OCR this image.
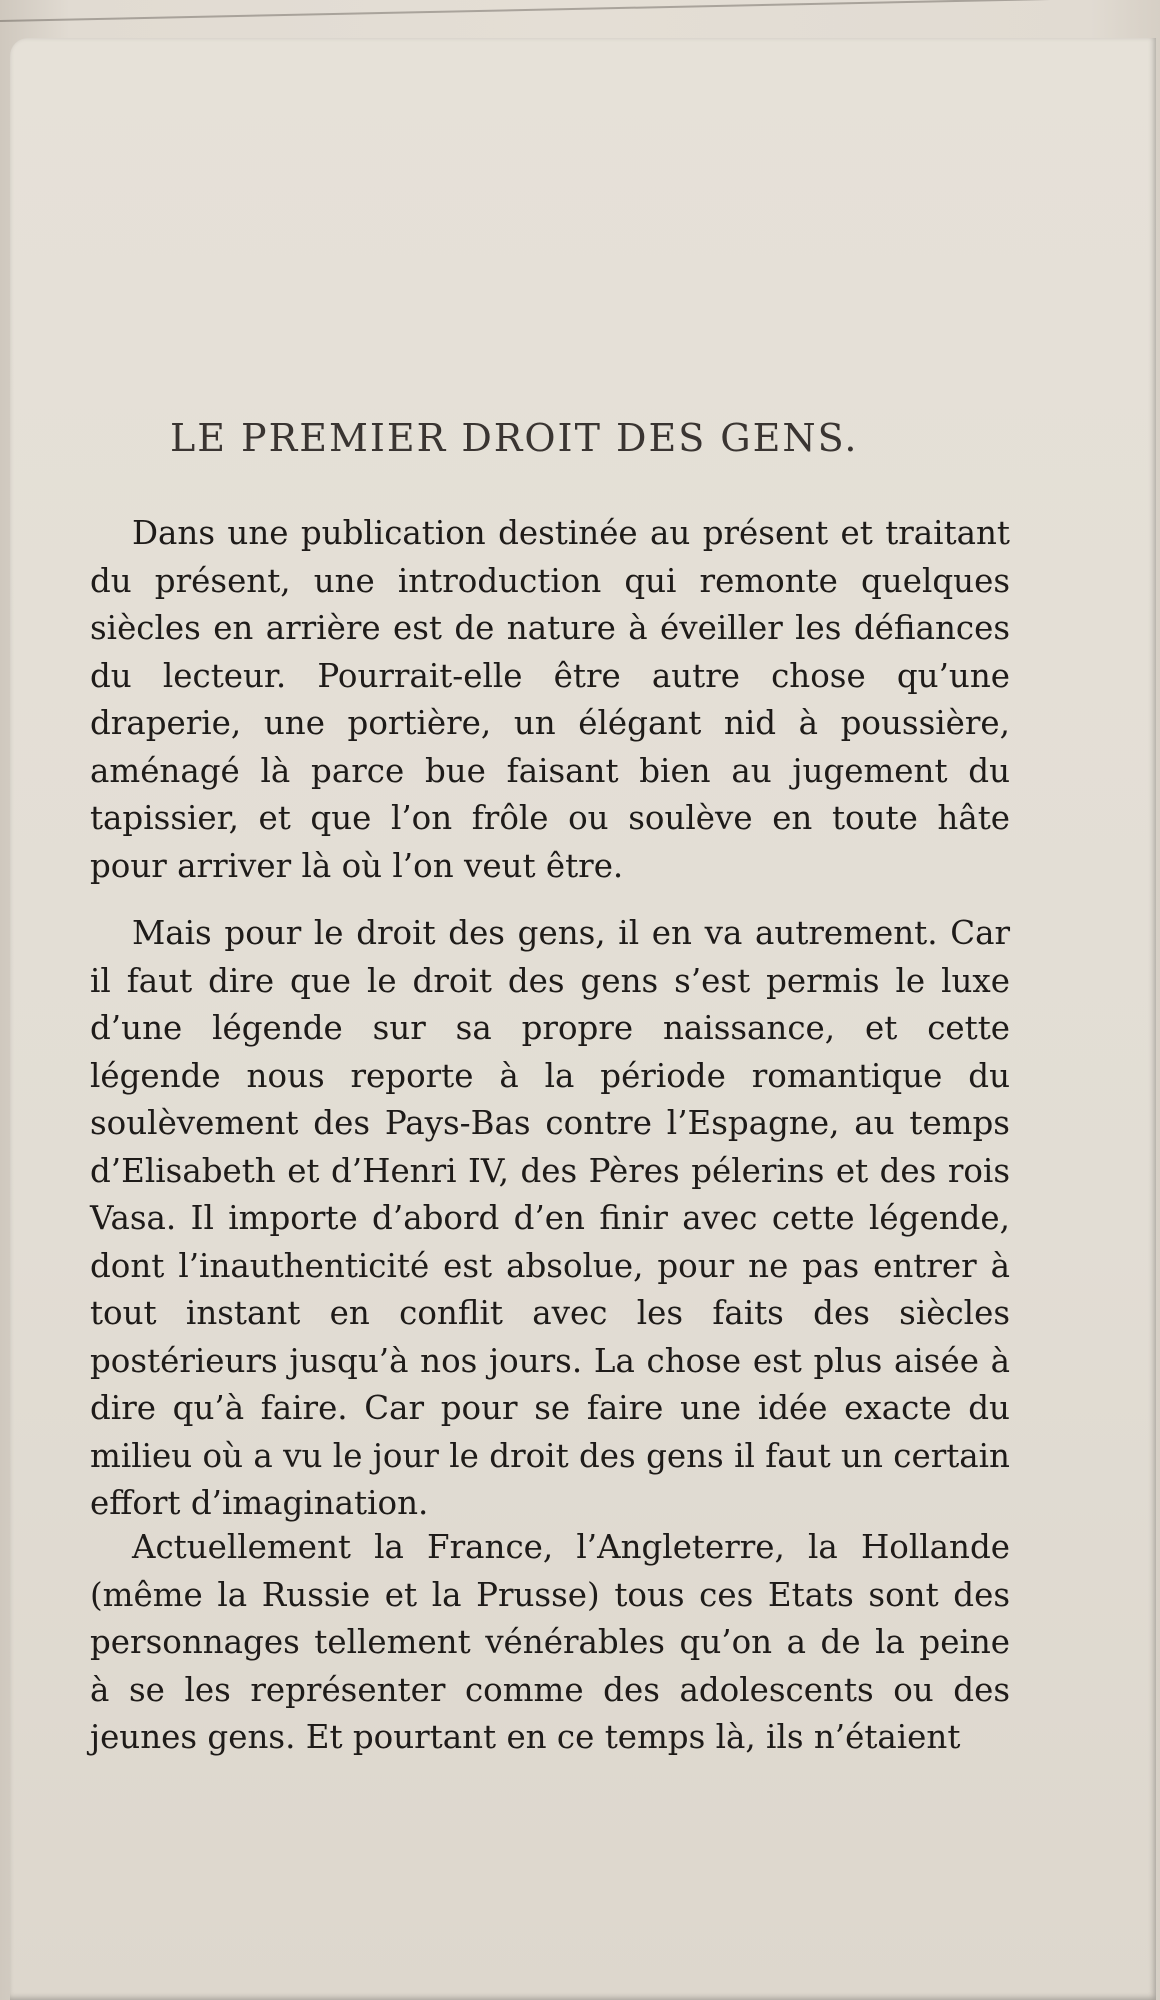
LE PREMIER DROIT DES GENS.

Dans une publication destinée au présent et traitant du présent, une introduction qui remonte quelques siècles en arrière est de nature à éveiller les défiances du lecteur. Pourrait-elle être autre chose qu’une draperie, une portière, un élégant nid à poussière, aménagé là parce bue faisant bien au jugement du tapissier, et que l’on frôle ou soulève en toute hâte pour arriver là où l’on veut être.

Mais pour le droit des gens, il en va autrement. Car il faut dire que le droit des gens s’est permis le luxe d’une légende sur sa propre naissance, et cette légende nous reporte à la période romantique du soulèvement des Pays-Bas contre l’Espagne, au temps d’Elisabeth et d’Henri IV, des Pères pélerins et des rois Vasa. Il importe d’abord d’en finir avec cette légende, dont l’inauthenticité est absolue, pour ne pas entrer à tout instant en conflit avec les faits des siècles postérieurs jusqu’à nos jours. La chose est plus aisée à dire qu’à faire. Car pour se faire une idée exacte du milieu où a vu le jour le droit des gens il faut un certain effort d’imagination.

Actuellement la France, l’Angleterre, la Hollande (même la Russie et la Prusse) tous ces Etats sont des personnages tellement vénérables qu’on a de la peine à se les représenter comme des adolescents ou des jeunes gens. Et pourtant en ce temps là, ils n’étaient
